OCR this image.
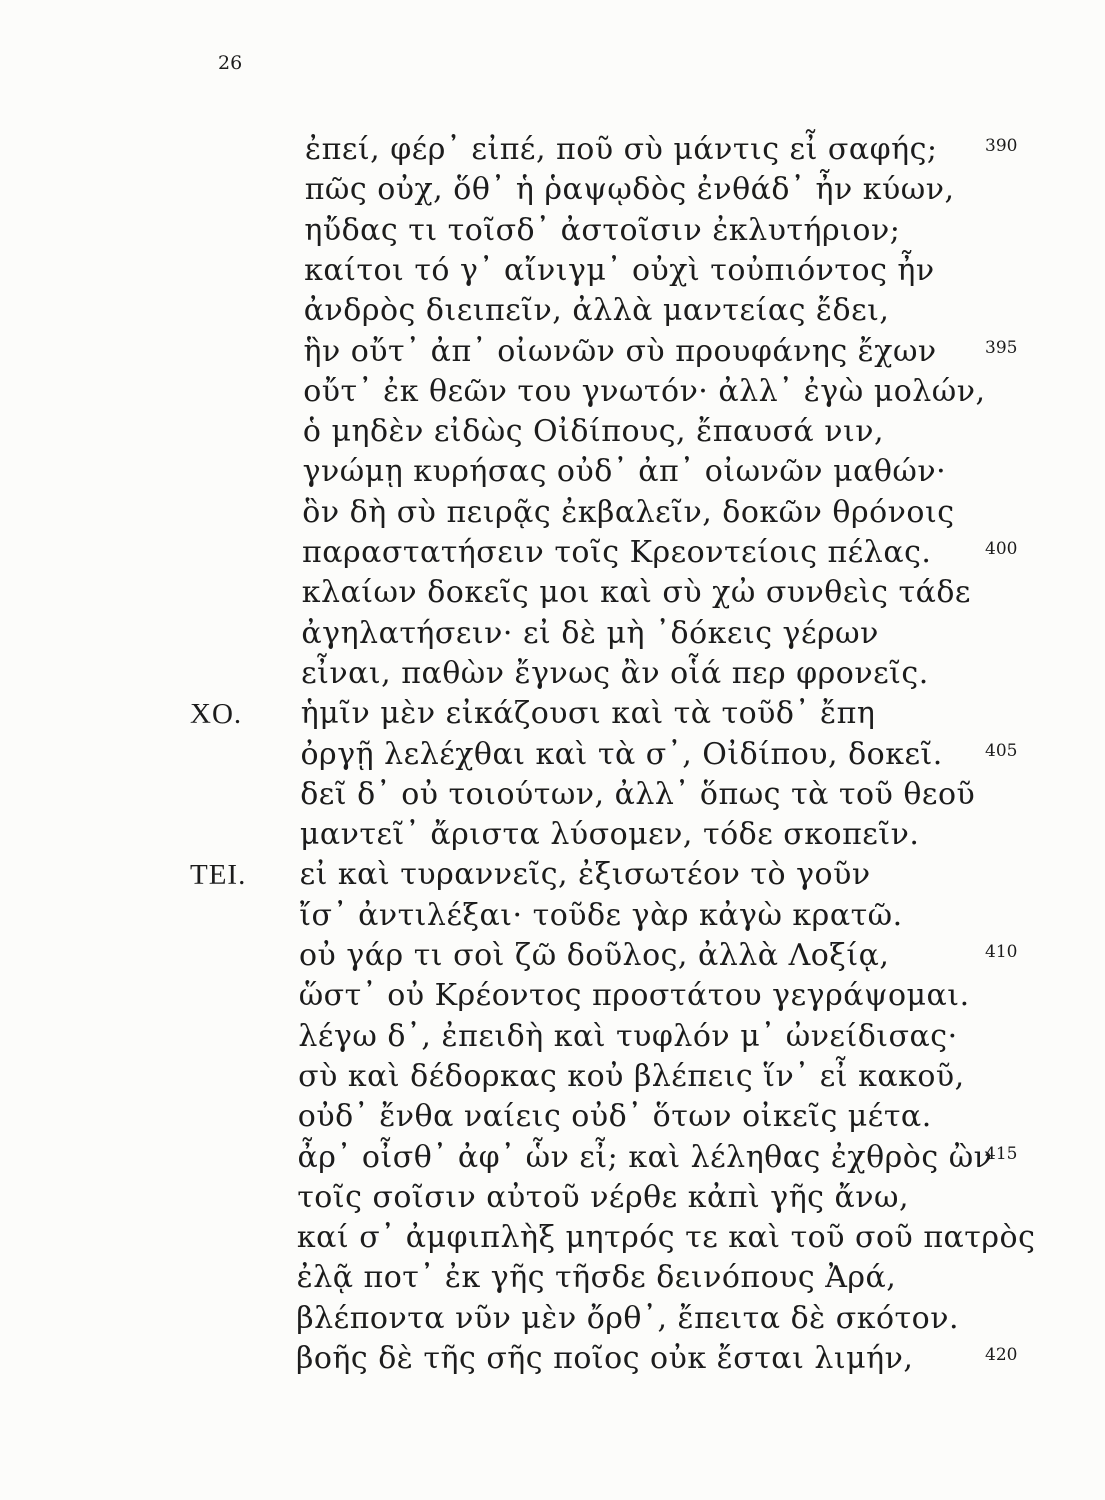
26
ἐπεί, φέρ᾽ εἰπέ, ποῦ σὺ μάντις εἶ σαφής;	390
πῶς οὐχ, ὅθ᾽ ἡ ῥαψῳδὸς ἐνθάδ᾽ ἦν κύων,
ηὔδας τι τοῖσδ᾽ ἀστοῖσιν ἐκλυτήριον;
καίτοι τό γ᾽ αἴνιγμ᾽ οὐχὶ τοὐπιόντος ἦν
ἀνδρὸς διειπεῖν, ἀλλὰ μαντείας ἔδει,
ἣν οὔτ᾽ ἀπ᾽ οἰωνῶν σὺ προυφάνης ἔχων	395
οὔτ᾽ ἐκ θεῶν του γνωτόν· ἀλλ᾽ ἐγὼ μολών,
ὁ μηδὲν εἰδὼς Οἰδίπους, ἔπαυσά νιν,
γνώμῃ κυρήσας οὐδ᾽ ἀπ᾽ οἰωνῶν μαθών·
ὃν δὴ σὺ πειρᾷς ἐκβαλεῖν, δοκῶν θρόνοις
παραστατήσειν τοῖς Κρεοντείοις πέλας.	400
κλαίων δοκεῖς μοι καὶ σὺ χὠ συνθεὶς τάδε
ἀγηλατήσειν· εἰ δὲ μὴ ᾽δόκεις γέρων
εἶναι, παθὼν ἔγνως ἂν οἷά περ φρονεῖς.
ΧΟ. ἡμῖν μὲν εἰκάζουσι καὶ τὰ τοῦδ᾽ ἔπη
ὀργῇ λελέχθαι καὶ τὰ σ᾽, Οἰδίπου, δοκεῖ. 405
δεῖ δ᾽ οὐ τοιούτων, ἀλλ᾽ ὅπως τὰ τοῦ θεοῦ
μαντεῖ᾽ ἄριστα λύσομεν, τόδε σκοπεῖν.
ΤΕΙ. εἰ καὶ τυραννεῖς, ἐξισωτέον τὸ γοῦν
ἴσ᾽ ἀντιλέξαι· τοῦδε γὰρ κἀγὼ κρατῶ.
οὐ γάρ τι σοὶ ζῶ δοῦλος, ἀλλὰ Λοξίᾳ,	410
ὥστ᾽ οὐ Κρέοντος προστάτου γεγράψομαι.
λέγω δ᾽, ἐπειδὴ καὶ τυφλόν μ᾽ ὠνείδισας·
σὺ καὶ δέδορκας κοὐ βλέπεις ἵν᾽ εἶ κακοῦ,
οὐδ᾽ ἔνθα ναίεις οὐδ᾽ ὅτων οἰκεῖς μέτα.
ἆρ᾽ οἶσθ᾽ ἀφ᾽ ὧν εἶ; καὶ λέληθας ἐχθρὸς ὢν
415
τοῖς σοῖσιν αὐτοῦ νέρθε κἀπὶ γῆς ἄνω,
καί σ᾽ ἀμφιπλὴξ μητρός τε καὶ τοῦ σοῦ πατρὸς
ἐλᾷ ποτ᾽ ἐκ γῆς τῆσδε δεινόπους Ἀρά,
βλέποντα νῦν μὲν ὄρθ᾽, ἔπειτα δὲ σκότον.
βοῆς δὲ τῆς σῆς ποῖος οὐκ ἔσται λιμήν,	420
